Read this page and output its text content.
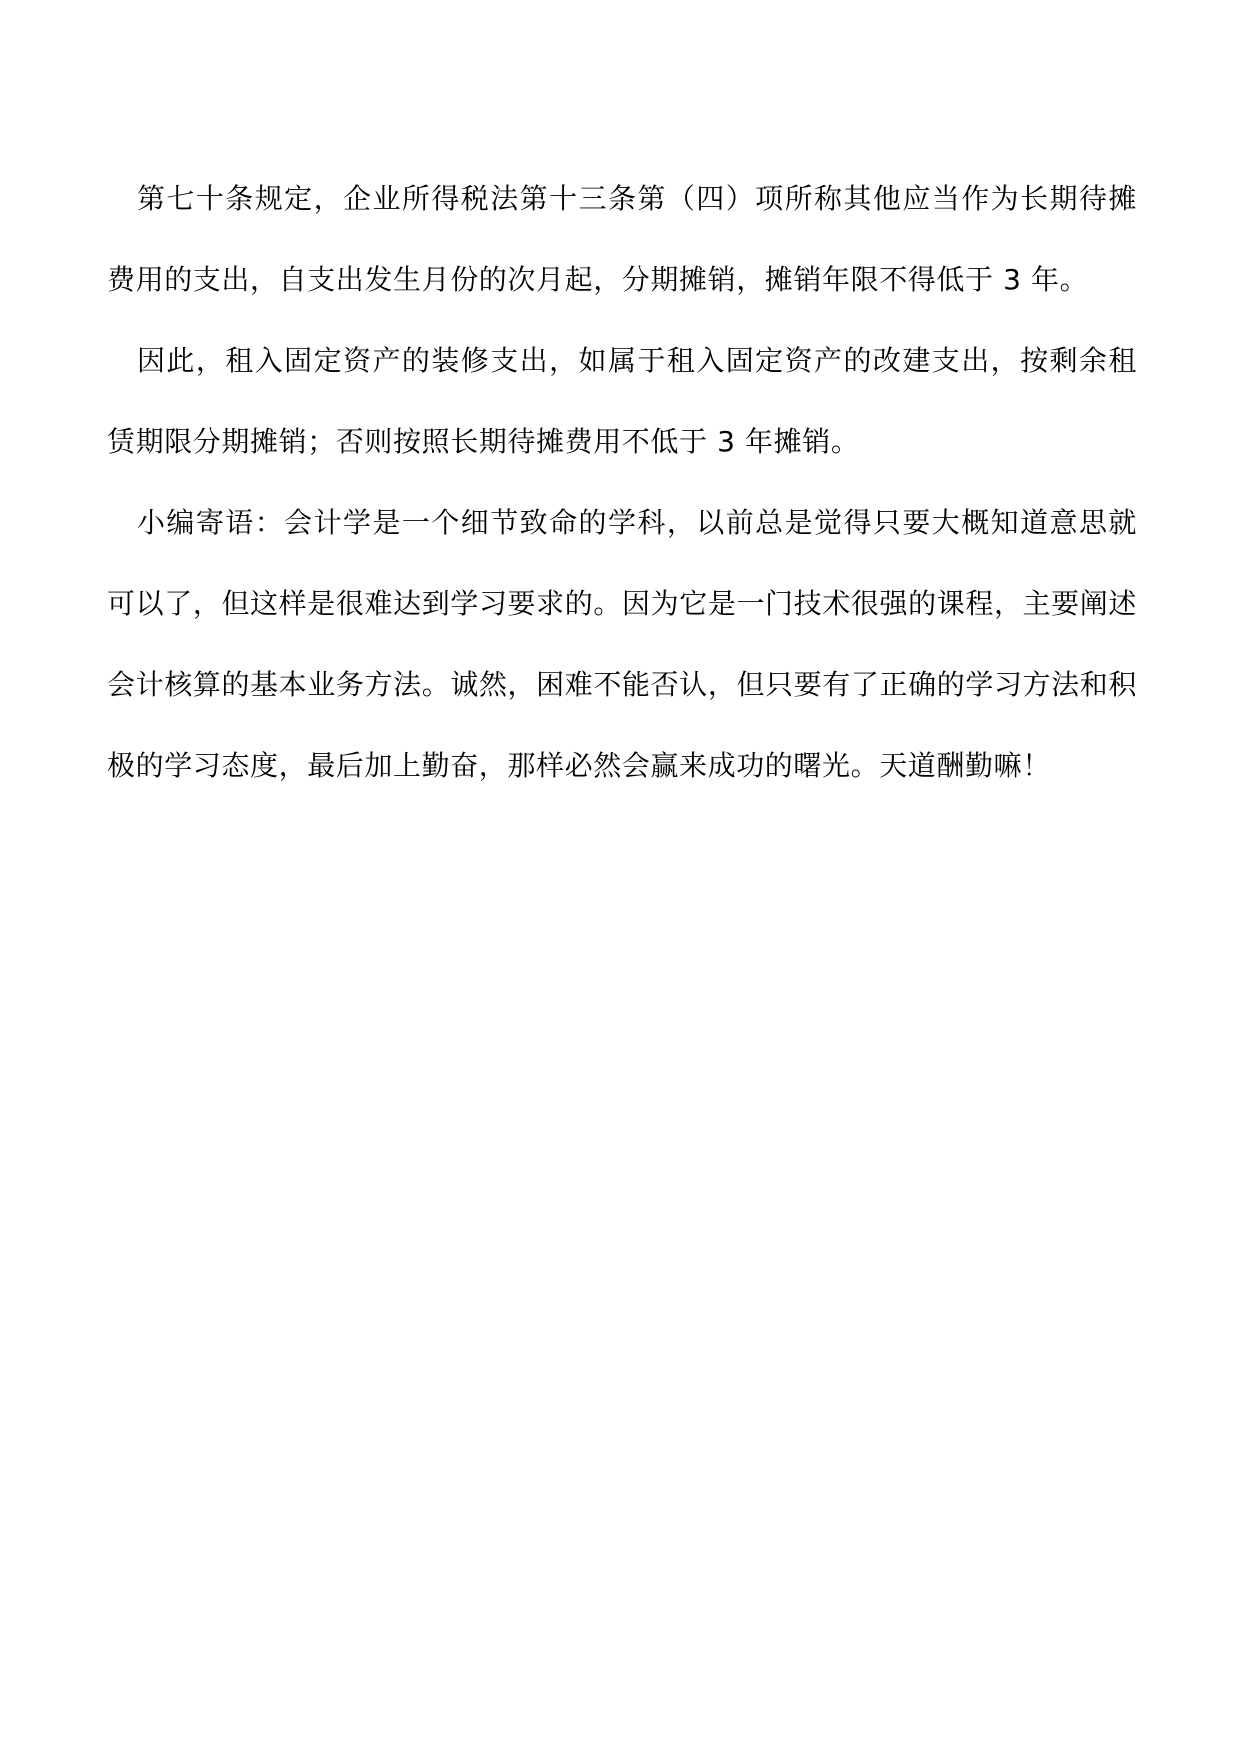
第七十条规定，企业所得税法第十三条第（四）项所称其他应当作为长期待摊费用的支出，自支出发生月份的次月起，分期摊销，摊销年限不得低于 3 年。

因此，租入固定资产的装修支出，如属于租入固定资产的改建支出，按剩余租赁期限分期摊销；否则按照长期待摊费用不低于 3 年摊销。

小编寄语：会计学是一个细节致命的学科，以前总是觉得只要大概知道意思就可以了，但这样是很难达到学习要求的。因为它是一门技术很强的课程，主要阐述会计核算的基本业务方法。诚然，困难不能否认，但只要有了正确的学习方法和积极的学习态度，最后加上勤奋，那样必然会赢来成功的曙光。天道酬勤嘛！
